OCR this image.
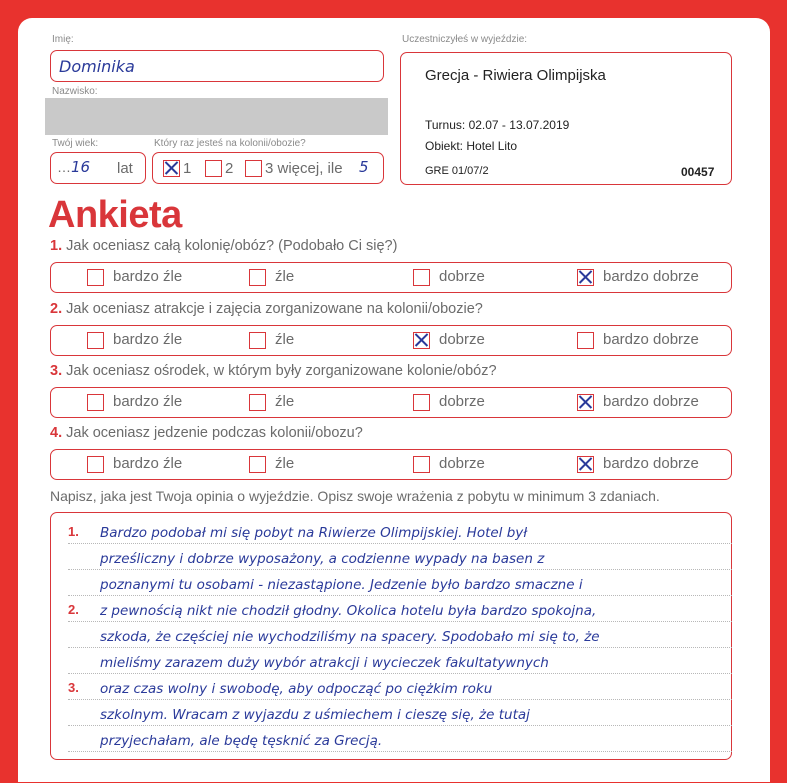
Imię:
Dominika
Nazwisko:
Twój wiek:
… 16 lat
Który raz jesteś na kolonii/obozie?
1 2 3 więcej, ile 5
Uczestniczyłeś w wyjeździe:
Grecja - Riwiera Olimpijska
Turnus: 02.07 - 13.07.2019
Obiekt: Hotel Lito
GRE 01/07/2	00457
Ankieta
1. Jak oceniasz całą kolonię/obóz? (Podobało Ci się?)
bardzo źle	źle	dobrze	bardzo dobrze
2. Jak oceniasz atrakcje i zajęcia zorganizowane na kolonii/obozie?
bardzo źle	źle	dobrze	bardzo dobrze
3. Jak oceniasz ośrodek, w którym były zorganizowane kolonie/obóz?
bardzo źle	źle	dobrze	bardzo dobrze
4. Jak oceniasz jedzenie podczas kolonii/obozu?
bardzo źle	źle	dobrze	bardzo dobrze
Napisz, jaka jest Twoja opinia o wyjeździe. Opisz swoje wrażenia z pobytu w minimum 3 zdaniach.
1. Bardzo podobał mi się pobyt na Riwierze Olimpijskiej. Hotel był
prześliczny i dobrze wyposażony, a codzienne wypady na basen z
poznanymi tu osobami - niezastąpione. Jedzenie było bardzo smaczne i
2. z pewnością nikt nie chodził głodny. Okolica hotelu była bardzo spokojna,
szkoda, że częściej nie wychodziliśmy na spacery. Spodobało mi się to, że
mieliśmy zarazem duży wybór atrakcji i wycieczek fakultatywnych
3. oraz czas wolny i swobodę, aby odpocząć po ciężkim roku
szkolnym. Wracam z wyjazdu z uśmiechem i cieszę się, że tutaj
przyjechałam, ale będę tęsknić za Grecją.
